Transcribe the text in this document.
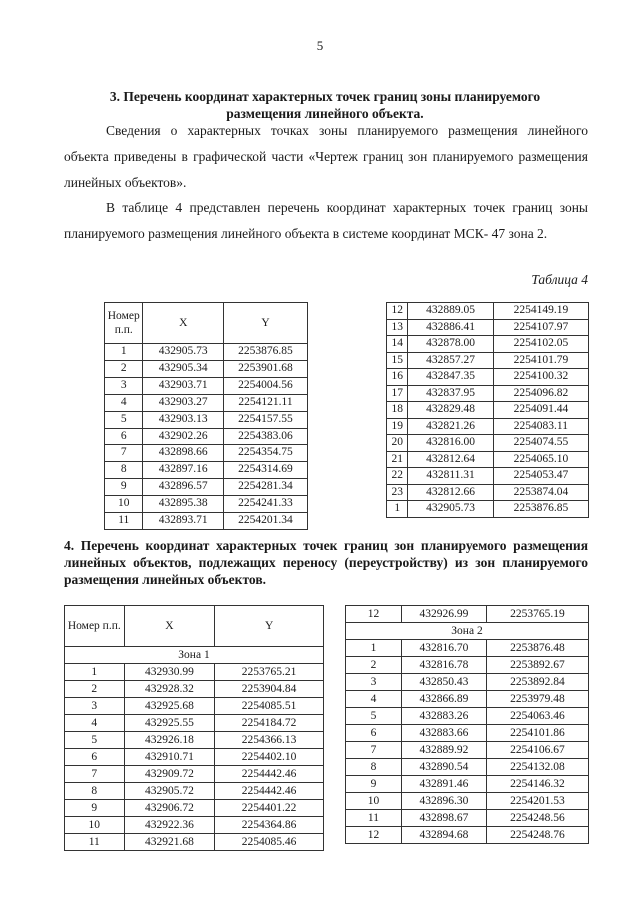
5
3. Перечень координат характерных точек границ зоны планируемого
размещения линейного объекта.
Сведения о характерных точках зоны планируемого размещения линейного объекта приведены в графической части «Чертеж границ зон планируемого размещения линейных объектов».
В таблице 4 представлен перечень координат характерных точек границ зоны планируемого размещения линейного объекта в системе координат МСК- 47 зона 2.
Таблица 4
Номер п.п.	X	Y
1	432905.73	2253876.85
2	432905.34	2253901.68
3	432903.71	2254004.56
4	432903.27	2254121.11
5	432903.13	2254157.55
6	432902.26	2254383.06
7	432898.66	2254354.75
8	432897.16	2254314.69
9	432896.57	2254281.34
10	432895.38	2254241.33
11	432893.71	2254201.34
12	432889.05	2254149.19
13	432886.41	2254107.97
14	432878.00	2254102.05
15	432857.27	2254101.79
16	432847.35	2254100.32
17	432837.95	2254096.82
18	432829.48	2254091.44
19	432821.26	2254083.11
20	432816.00	2254074.55
21	432812.64	2254065.10
22	432811.31	2254053.47
23	432812.66	2253874.04
1	432905.73	2253876.85
4. Перечень координат характерных точек границ зон планируемого размещения линейных объектов, подлежащих переносу (переустройству) из зон планируемого размещения линейных объектов.
Номер п.п.	X	Y
Зона 1		
1	432930.99	2253765.21
2	432928.32	2253904.84
3	432925.68	2254085.51
4	432925.55	2254184.72
5	432926.18	2254366.13
6	432910.71	2254402.10
7	432909.72	2254442.46
8	432905.72	2254442.46
9	432906.72	2254401.22
10	432922.36	2254364.86
11	432921.68	2254085.46
12	432926.99	2253765.19
Зона 2		
1	432816.70	2253876.48
2	432816.78	2253892.67
3	432850.43	2253892.84
4	432866.89	2253979.48
5	432883.26	2254063.46
6	432883.66	2254101.86
7	432889.92	2254106.67
8	432890.54	2254132.08
9	432891.46	2254146.32
10	432896.30	2254201.53
11	432898.67	2254248.56
12	432894.68	2254248.76
